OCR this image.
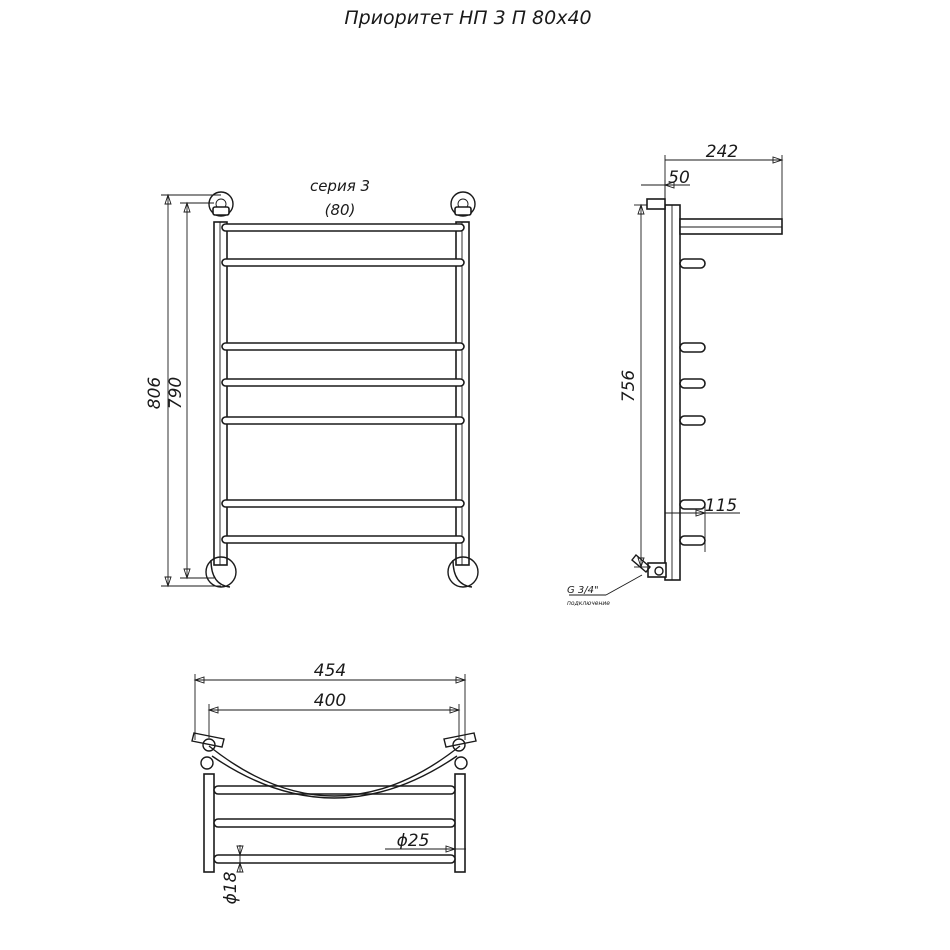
Приоритет НП 3 П 80х40
серия 3
(80)
806 790
242
50
756
115
G 3/4"
подключение
454
400
ϕ25
ϕ18
